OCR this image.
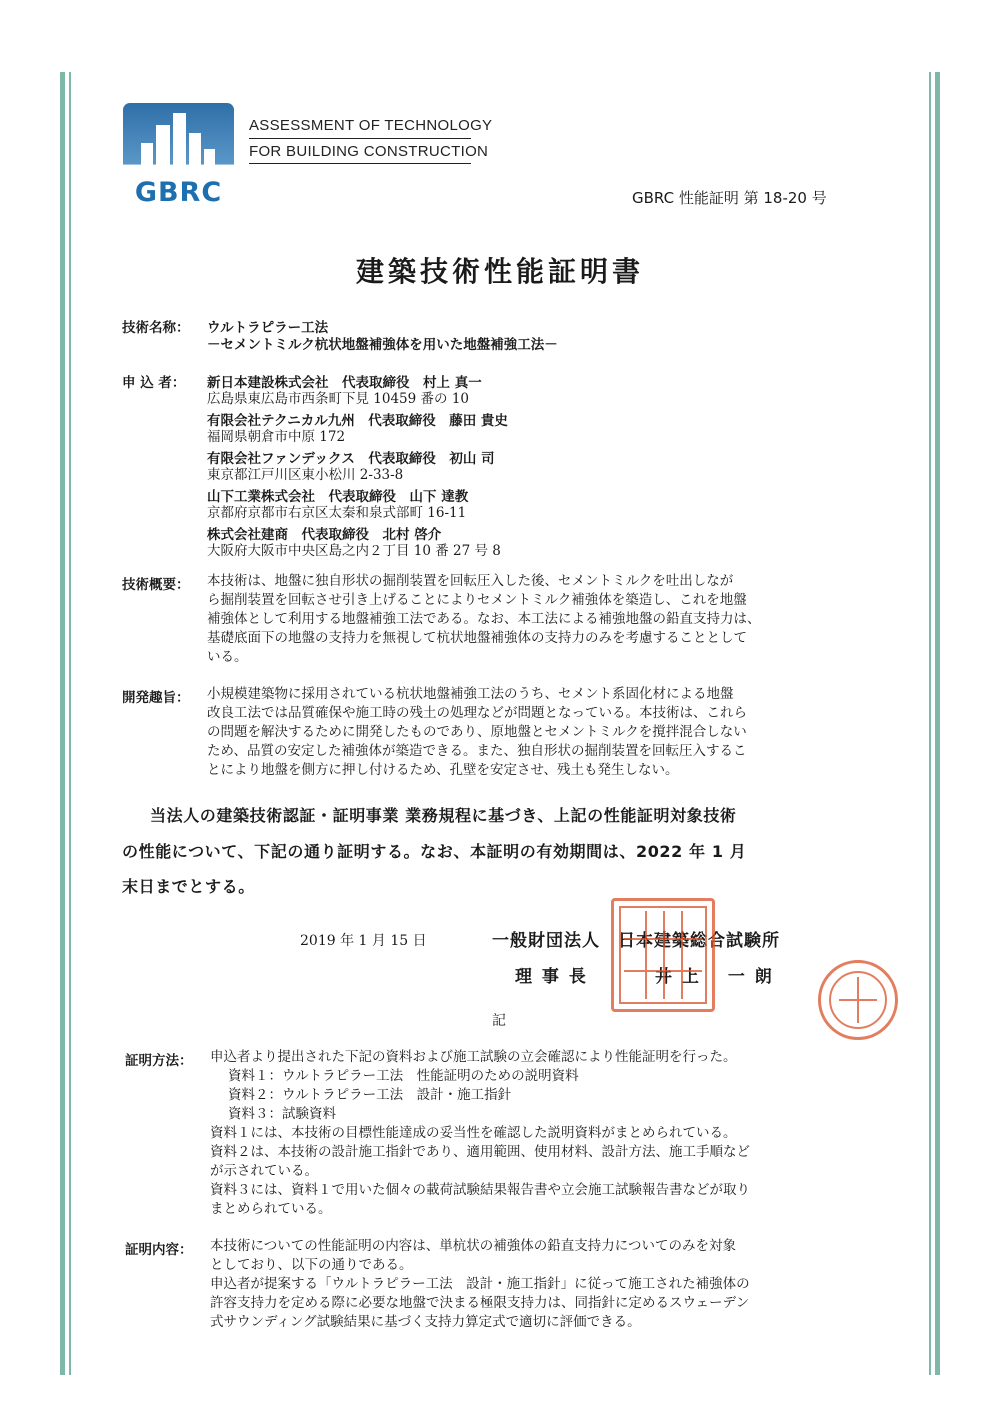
GBRC
ASSESSMENT OF TECHNOLOGY
FOR BUILDING CONSTRUCTION
GBRC 性能証明 第 18-20 号
建築技術性能証明書
技術名称： ウルトラピラー工法
－セメントミルク杭状地盤補強体を用いた地盤補強工法－
申 込 者： 新日本建設株式会社　代表取締役　村上 真一
広島県東広島市西条町下見 10459 番の 10
有限会社テクニカル九州　代表取締役　藤田 貴史
福岡県朝倉市中原 172
有限会社ファンデックス　代表取締役　初山 司
東京都江戸川区東小松川 2-33-8
山下工業株式会社　代表取締役　山下 達教
京都府京都市右京区太秦和泉式部町 16-11
株式会社建商　代表取締役　北村 啓介
大阪府大阪市中央区島之内２丁目 10 番 27 号 8
技術概要： 本技術は、地盤に独自形状の掘削装置を回転圧入した後、セメントミルクを吐出しなが
ら掘削装置を回転させ引き上げることによりセメントミルク補強体を築造し、これを地盤
補強体として利用する地盤補強工法である。なお、本工法による補強地盤の鉛直支持力は、
基礎底面下の地盤の支持力を無視して杭状地盤補強体の支持力のみを考慮することとして
いる。
開発趣旨： 小規模建築物に採用されている杭状地盤補強工法のうち、セメント系固化材による地盤
改良工法では品質確保や施工時の残土の処理などが問題となっている。本技術は、これら
の問題を解決するために開発したものであり、原地盤とセメントミルクを撹拌混合しない
ため、品質の安定した補強体が築造できる。また、独自形状の掘削装置を回転圧入するこ
とにより地盤を側方に押し付けるため、孔壁を安定させ、残土も発生しない。
当法人の建築技術認証・証明事業 業務規程に基づき、上記の性能証明対象技術
の性能について、下記の通り証明する。なお、本証明の有効期間は、2022 年 1 月
末日までとする。
2019 年 1 月 15 日	一般財団法人　日本建築総合試験所
理 事 長	井 上　 一 朗
記
証明方法： 申込者より提出された下記の資料および施工試験の立会確認により性能証明を行った。
資料１：ウルトラピラー工法　性能証明のための説明資料
資料２：ウルトラピラー工法　設計・施工指針
資料３：試験資料
資料１には、本技術の目標性能達成の妥当性を確認した説明資料がまとめられている。
資料２は、本技術の設計施工指針であり、適用範囲、使用材料、設計方法、施工手順など
が示されている。
資料３には、資料１で用いた個々の載荷試験結果報告書や立会施工試験報告書などが取り
まとめられている。
証明内容： 本技術についての性能証明の内容は、単杭状の補強体の鉛直支持力についてのみを対象
としており、以下の通りである。
申込者が提案する「ウルトラピラー工法　設計・施工指針」に従って施工された補強体の
許容支持力を定める際に必要な地盤で決まる極限支持力は、同指針に定めるスウェーデン
式サウンディング試験結果に基づく支持力算定式で適切に評価できる。
